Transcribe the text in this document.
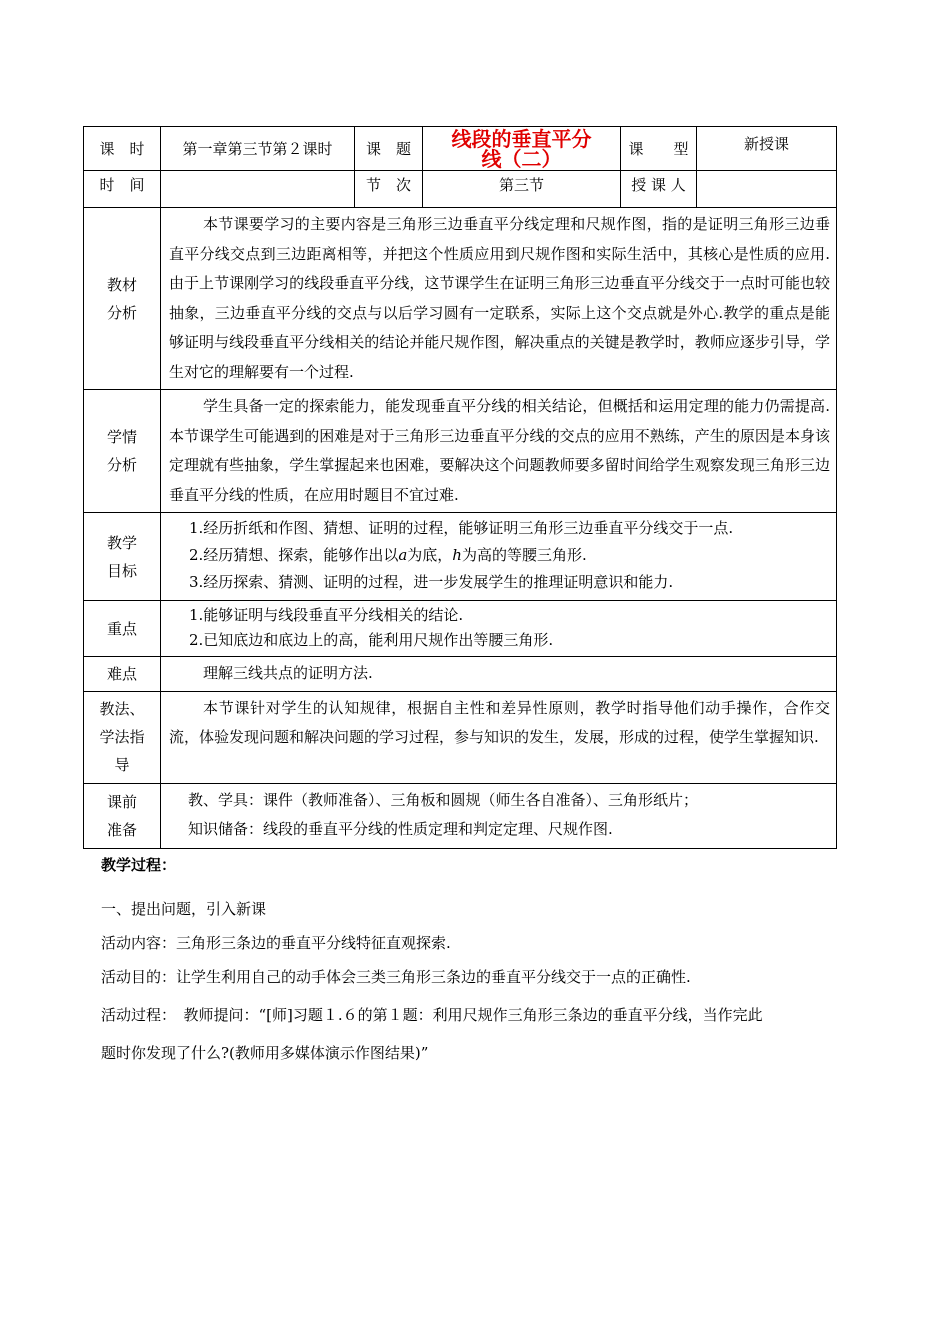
课　时	第一章第三节第２课时	课　题	线段的垂直平分
线（二）	课　　型	新授课
时　间		节　次	第三节	授 课 人	

教材
分析	本节课要学习的主要内容是三角形三边垂直平分线定理和尺规作图，指的是证明三角形三边垂直平分线交点到三边距离相等，并把这个性质应用到尺规作图和实际生活中，其核心是性质的应用.由于上节课刚学习的线段垂直平分线，这节课学生在证明三角形三边垂直平分线交于一点时可能也较抽象，三边垂直平分线的交点与以后学习圆有一定联系，实际上这个交点就是外心.教学的重点是能够证明与线段垂直平分线相关的结论并能尺规作图，解决重点的关键是教学时，教师应逐步引导，学生对它的理解要有一个过程.				

学情
分析	学生具备一定的探索能力，能发现垂直平分线的相关结论，但概括和运用定理的能力仍需提高.　本节课学生可能遇到的困难是对于三角形三边垂直平分线的交点的应用不熟练，产生的原因是本身该定理就有些抽象，学生掌握起来也困难，要解决这个问题教师要多留时间给学生观察发现三角形三边垂直平分线的性质，在应用时题目不宜过难.				

教学
目标	1.经历折纸和作图、猜想、证明的过程，能够证明三角形三边垂直平分线交于一点.
2.经历猜想、探索，能够作出以a为底，h为高的等腰三角形.
3.经历探索、猜测、证明的过程，进一步发展学生的推理证明意识和能力.				

重点	1.能够证明与线段垂直平分线相关的结论.
2.已知底边和底边上的高，能利用尺规作出等腰三角形.				

难点	理解三线共点的证明方法.				

教法、
学法指
导	本节课针对学生的认知规律，根据自主性和差异性原则，教学时指导他们动手操作，合作交流，体验发现问题和解决问题的学习过程，参与知识的发生，发展，形成的过程，使学生掌握知识.				

课前
准备	教、学具：课件（教师准备）、三角板和圆规（师生各自准备）、三角形纸片；
知识储备：线段的垂直平分线的性质定理和判定定理、尺规作图.				

教学过程：

一、提出问题，引入新课

活动内容：三角形三条边的垂直平分线特征直观探索.

活动目的：让学生利用自己的动手体会三类三角形三条边的垂直平分线交于一点的正确性.

活动过程：　教师提问：“[师]习题１.６的第１题：利用尺规作三角形三条边的垂直平分线，当作完此

题时你发现了什么?(教师用多媒体演示作图结果)”
